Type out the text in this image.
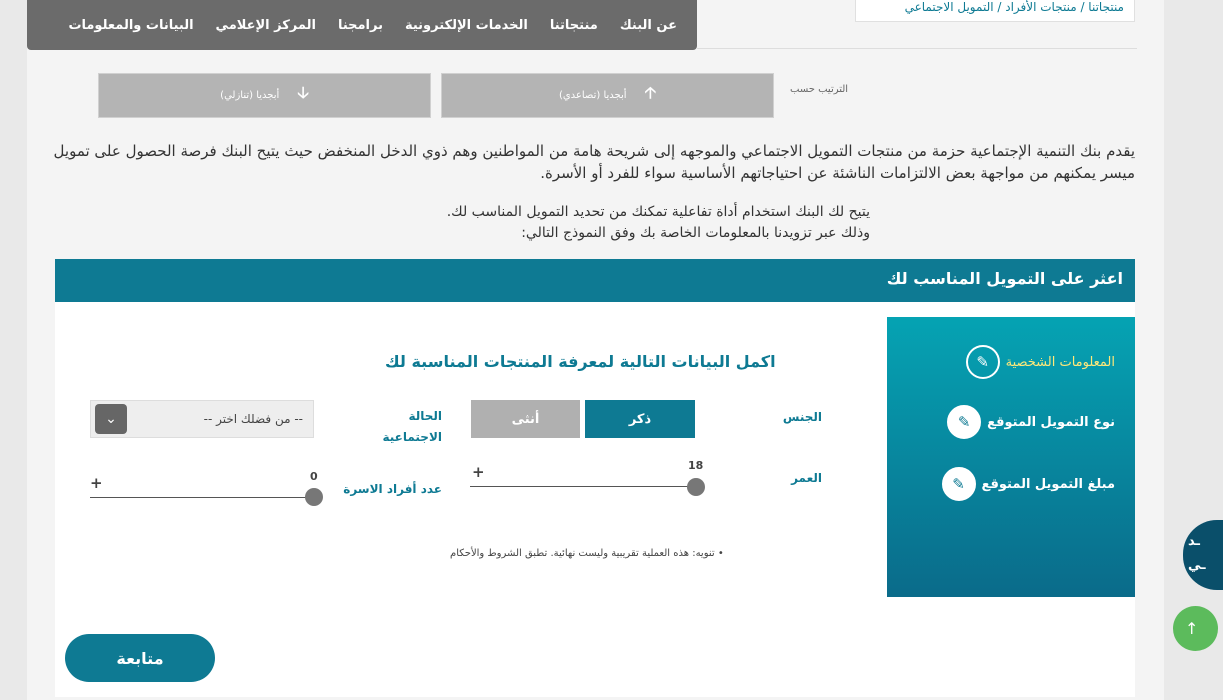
عن البنك
منتجاتنا
الخدمات الإلكترونية
برامجنا
المركز الإعلامي
البيانات والمعلومات
منتجاتنا / منتجات الأفراد / التمويل الاجتماعي
الترتيب حسب
أبجديا (تصاعدي) 🡡
أبجديا (تنازلي) 🡣
يقدم بنك التنمية الإجتماعية حزمة من منتجات التمويل الاجتماعي والموجهه إلى شريحة هامة من المواطنين وهم ذوي الدخل المنخفض حيث يتيح البنك فرصة الحصول على تمويل ميسر يمكنهم من مواجهة بعض الالتزامات الناشئة عن احتياجاتهم الأساسية سواء للفرد أو الأسرة.
يتيح لك البنك استخدام أداة تفاعلية تمكنك من تحديد التمويل المناسب لك.
وذلك عبر تزويدنا بالمعلومات الخاصة بك وفق النموذج التالي:
اعثر على التمويل المناسب لك
✎	المعلومات الشخصية
✎	نوع التمويل المتوقع
✎	مبلغ التمويل المتوقع
اكمل البيانات التالية لمعرفة المنتجات المناسبة لك
الجنس
ذكر
أنثى
الحالة الاجتماعية
⌄	-- من فضلك اختر --
العمر
18
+
عدد أفراد الاسرة
0
+
• تنويه: هذه العملية تقريبية وليست نهائية. تطبق الشروط والأحكام
متابعة
ـد
ـي
↑
